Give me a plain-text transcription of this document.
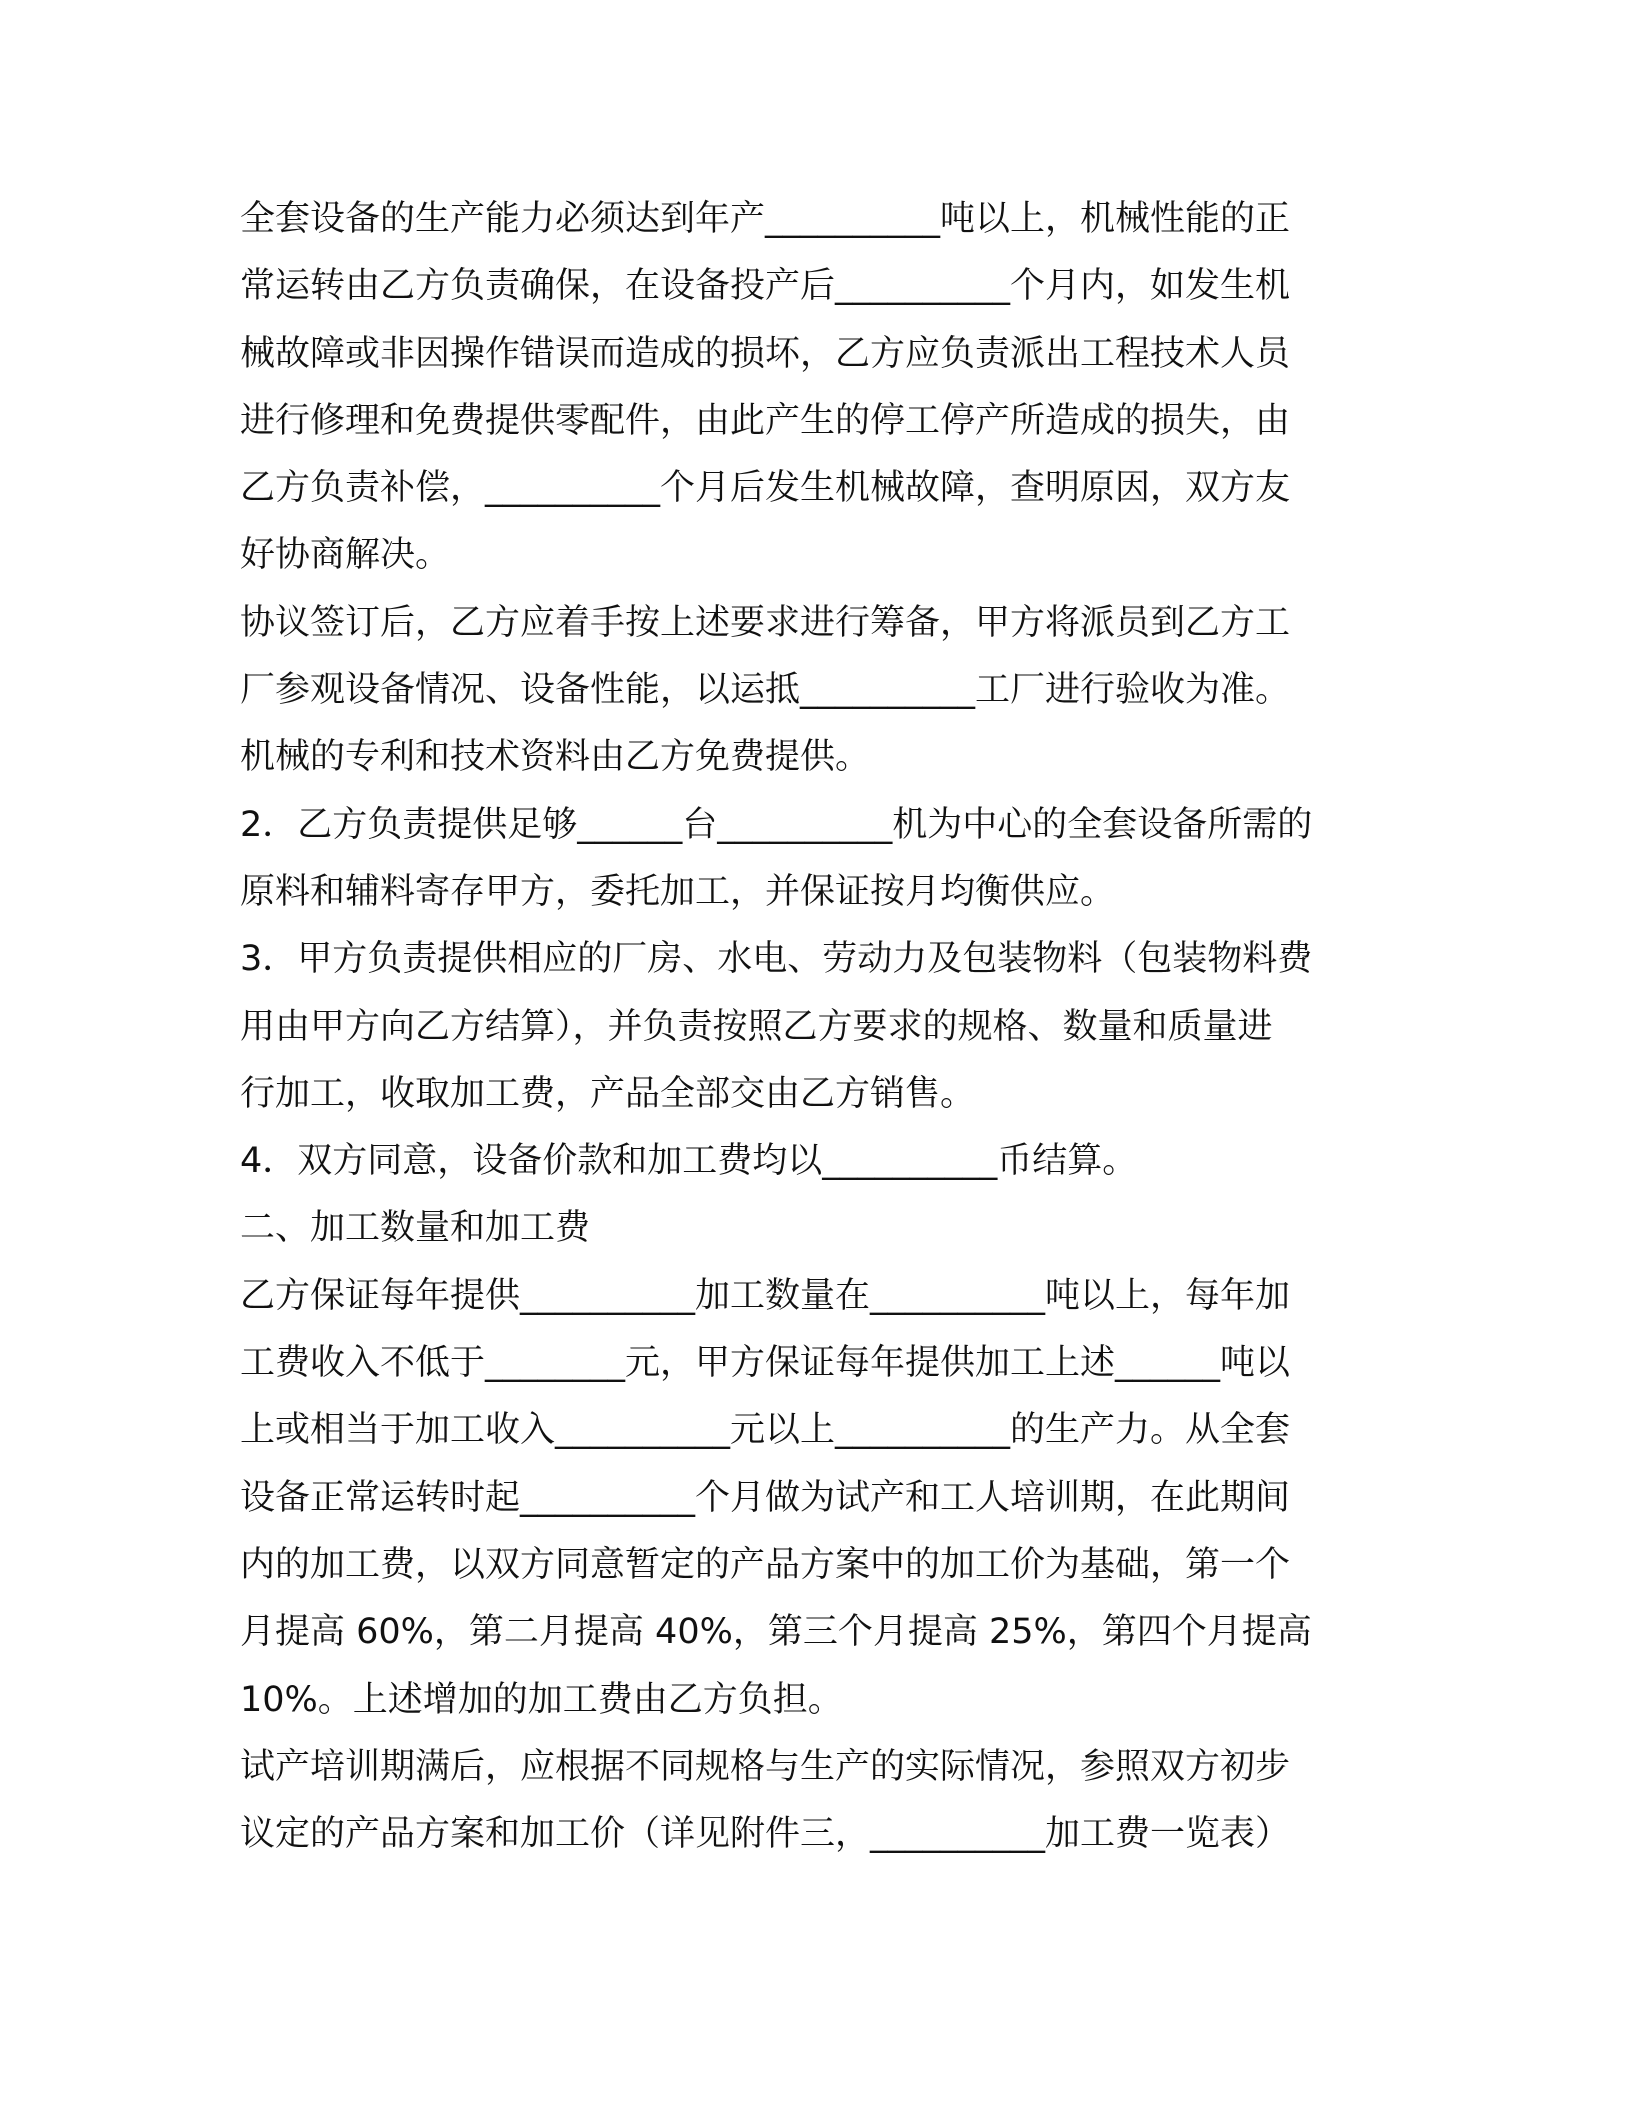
全套设备的生产能力必须达到年产__________吨以上，机械性能的正
常运转由乙方负责确保，在设备投产后__________个月内，如发生机
械故障或非因操作错误而造成的损坏，乙方应负责派出工程技术人员
进行修理和免费提供零配件，由此产生的停工停产所造成的损失，由
乙方负责补偿，__________个月后发生机械故障，查明原因，双方友
好协商解决。
协议签订后，乙方应着手按上述要求进行筹备，甲方将派员到乙方工
厂参观设备情况、设备性能，以运抵__________工厂进行验收为准。
机械的专利和技术资料由乙方免费提供。
2．乙方负责提供足够______台__________机为中心的全套设备所需的
原料和辅料寄存甲方，委托加工，并保证按月均衡供应。
3．甲方负责提供相应的厂房、水电、劳动力及包装物料（包装物料费
用由甲方向乙方结算），并负责按照乙方要求的规格、数量和质量进
行加工，收取加工费，产品全部交由乙方销售。
4．双方同意，设备价款和加工费均以__________币结算。
二、加工数量和加工费
乙方保证每年提供__________加工数量在__________吨以上，每年加
工费收入不低于________元，甲方保证每年提供加工上述______吨以
上或相当于加工收入__________元以上__________的生产力。从全套
设备正常运转时起__________个月做为试产和工人培训期，在此期间
内的加工费，以双方同意暂定的产品方案中的加工价为基础，第一个
月提高 60%，第二月提高 40%，第三个月提高 25%，第四个月提高
10%。上述增加的加工费由乙方负担。
试产培训期满后，应根据不同规格与生产的实际情况，参照双方初步
议定的产品方案和加工价（详见附件三，__________加工费一览表）
